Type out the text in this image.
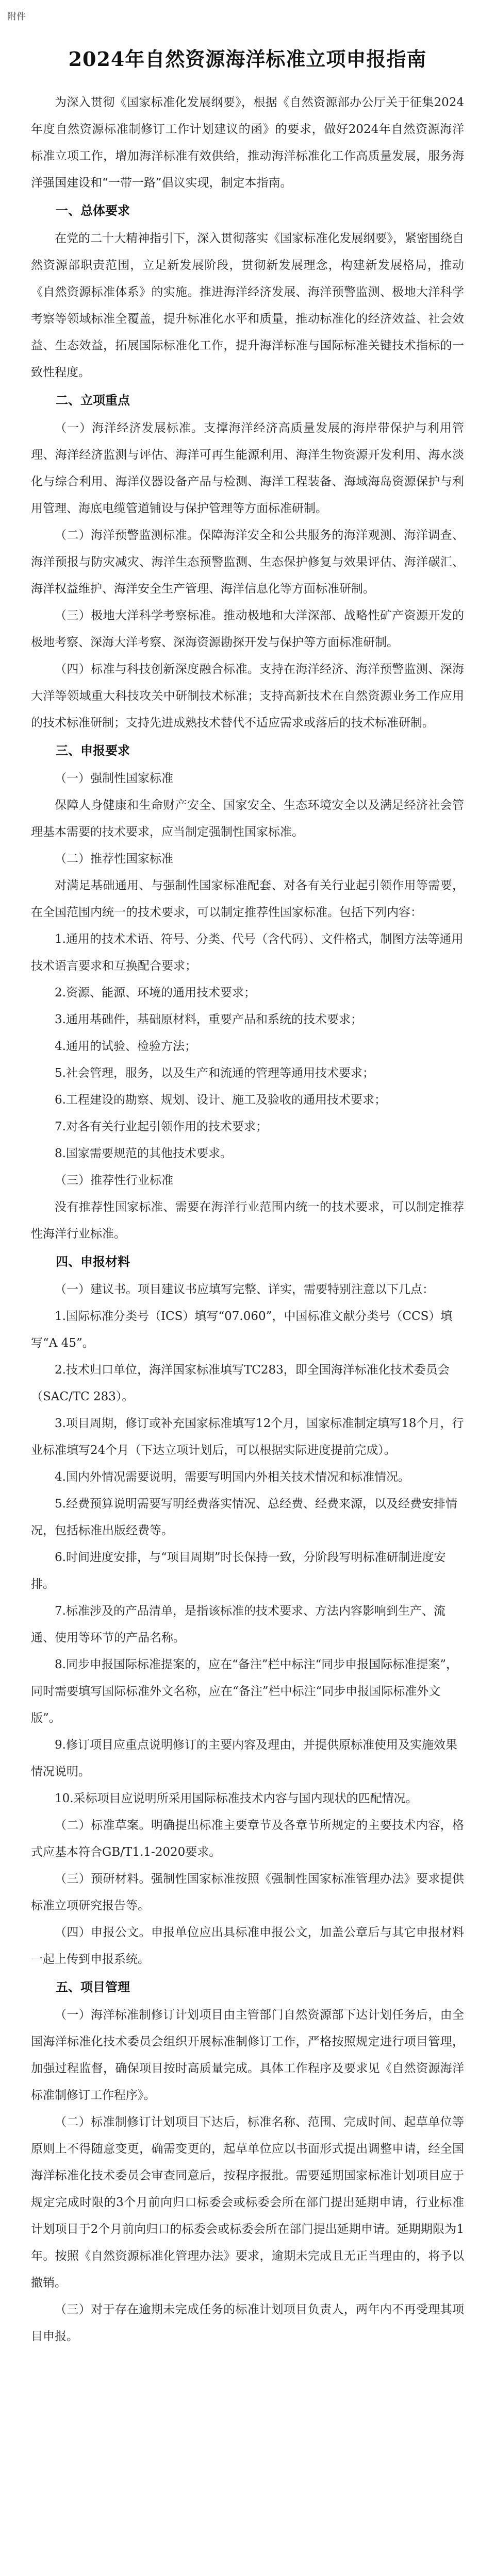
附件
2024年自然资源海洋标准立项申报指南

为深入贯彻《国家标准化发展纲要》，根据《自然资源部办公厅关于征集2024年度自然资源标准制修订工作计划建议的函》的要求，做好2024年自然资源海洋标准立项工作，增加海洋标准有效供给，推动海洋标准化工作高质量发展，服务海洋强国建设和“一带一路”倡议实现，制定本指南。

一、总体要求

在党的二十大精神指引下，深入贯彻落实《国家标准化发展纲要》，紧密围绕自然资源部职责范围，立足新发展阶段，贯彻新发展理念，构建新发展格局，推动《自然资源标准体系》的实施。推进海洋经济发展、海洋预警监测、极地大洋科学考察等领域标准全覆盖，提升标准化水平和质量，推动标准化的经济效益、社会效益、生态效益，拓展国际标准化工作，提升海洋标准与国际标准关键技术指标的一致性程度。

二、立项重点

（一）海洋经济发展标准。支撑海洋经济高质量发展的海岸带保护与利用管理、海洋经济监测与评估、海洋可再生能源利用、海洋生物资源开发利用、海水淡化与综合利用、海洋仪器设备产品与检测、海洋工程装备、海域海岛资源保护与利用管理、海底电缆管道铺设与保护管理等方面标准研制。

（二）海洋预警监测标准。保障海洋安全和公共服务的海洋观测、海洋调查、海洋预报与防灾减灾、海洋生态预警监测、生态保护修复与效果评估、海洋碳汇、海洋权益维护、海洋安全生产管理、海洋信息化等方面标准研制。

（三）极地大洋科学考察标准。推动极地和大洋深部、战略性矿产资源开发的极地考察、深海大洋考察、深海资源勘探开发与保护等方面标准研制。

（四）标准与科技创新深度融合标准。支持在海洋经济、海洋预警监测、深海大洋等领域重大科技攻关中研制技术标准；支持高新技术在自然资源业务工作应用的技术标准研制；支持先进成熟技术替代不适应需求或落后的技术标准研制。

三、申报要求

（一）强制性国家标准

保障人身健康和生命财产安全、国家安全、生态环境安全以及满足经济社会管理基本需要的技术要求，应当制定强制性国家标准。

（二）推荐性国家标准

对满足基础通用、与强制性国家标准配套、对各有关行业起引领作用等需要，在全国范围内统一的技术要求，可以制定推荐性国家标准。包括下列内容：

1.通用的技术术语、符号、分类、代号（含代码）、文件格式，制图方法等通用技术语言要求和互换配合要求；

2.资源、能源、环境的通用技术要求；

3.通用基础件，基础原材料，重要产品和系统的技术要求；

4.通用的试验、检验方法；

5.社会管理，服务，以及生产和流通的管理等通用技术要求；

6.工程建设的勘察、规划、设计、施工及验收的通用技术要求；

7.对各有关行业起引领作用的技术要求；

8.国家需要规范的其他技术要求。

（三）推荐性行业标准

没有推荐性国家标准、需要在海洋行业范围内统一的技术要求，可以制定推荐性海洋行业标准。

四、申报材料

（一）建议书。项目建议书应填写完整、详实，需要特别注意以下几点：

1.国际标准分类号（ICS）填写“07.060”，中国标准文献分类号（CCS）填写“A 45”。

2.技术归口单位，海洋国家标准填写TC283，即全国海洋标准化技术委员会（SAC/TC 283）。

3.项目周期，修订或补充国家标准填写12个月，国家标准制定填写18个月，行业标准填写24个月（下达立项计划后，可以根据实际进度提前完成）。

4.国内外情况需要说明，需要写明国内外相关技术情况和标准情况。

5.经费预算说明需要写明经费落实情况、总经费、经费来源，以及经费安排情况，包括标准出版经费等。

6.时间进度安排，与“项目周期”时长保持一致，分阶段写明标准研制进度安排。

7.标准涉及的产品清单，是指该标准的技术要求、方法内容影响到生产、流通、使用等环节的产品名称。

8.同步申报国际标准提案的，应在“备注”栏中标注“同步申报国际标准提案”，同时需要填写国际标准外文名称，应在“备注”栏中标注“同步申报国际标准外文版”。

9.修订项目应重点说明修订的主要内容及理由，并提供原标准使用及实施效果情况说明。

10.采标项目应说明所采用国际标准技术内容与国内现状的匹配情况。

（二）标准草案。明确提出标准主要章节及各章节所规定的主要技术内容，格式应基本符合GB/T1.1-2020要求。

（三）预研材料。强制性国家标准按照《强制性国家标准管理办法》要求提供标准立项研究报告等。

（四）申报公文。申报单位应出具标准申报公文，加盖公章后与其它申报材料一起上传到申报系统。

五、项目管理

（一）海洋标准制修订计划项目由主管部门自然资源部下达计划任务后，由全国海洋标准化技术委员会组织开展标准制修订工作，严格按照规定进行项目管理，加强过程监督，确保项目按时高质量完成。具体工作程序及要求见《自然资源海洋标准制修订工作程序》。

（二）标准制修订计划项目下达后，标准名称、范围、完成时间、起草单位等原则上不得随意变更，确需变更的，起草单位应以书面形式提出调整申请，经全国海洋标准化技术委员会审查同意后，按程序报批。需要延期国家标准计划项目应于规定完成时限的3个月前向归口标委会或标委会所在部门提出延期申请，行业标准计划项目于2个月前向归口的标委会或标委会所在部门提出延期申请。延期期限为1年。按照《自然资源标准化管理办法》要求，逾期未完成且无正当理由的，将予以撤销。

（三）对于存在逾期未完成任务的标准计划项目负责人，两年内不再受理其项目申报。
